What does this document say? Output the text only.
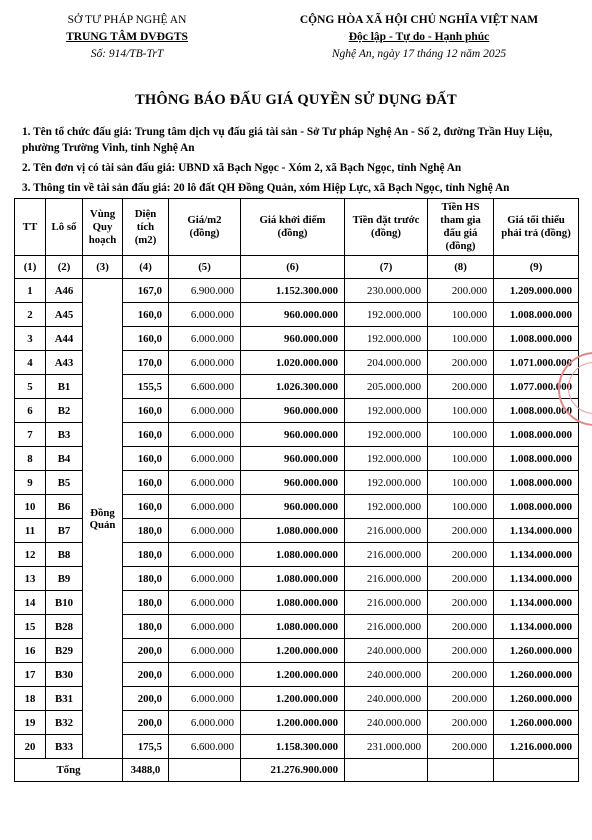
SỞ TƯ PHÁP NGHỆ AN
TRUNG TÂM DVĐGTS
Số: 914/TB-TrT
CỘNG HÒA XÃ HỘI CHỦ NGHĨA VIỆT NAM
Độc lập - Tự do - Hạnh phúc
Nghệ An, ngày 17 tháng 12 năm 2025
THÔNG BÁO ĐẤU GIÁ QUYỀN SỬ DỤNG ĐẤT
1. Tên tổ chức đấu giá: Trung tâm dịch vụ đấu giá tài sản - Sở Tư pháp Nghệ An - Số 2, đường Trần Huy Liệu, phường Trường Vinh, tỉnh Nghệ An
2. Tên đơn vị có tài sản đấu giá: UBND xã Bạch Ngọc - Xóm 2, xã Bạch Ngọc, tỉnh Nghệ An
3. Thông tin về tài sản đấu giá: 20 lô đất QH Đồng Quản, xóm Hiệp Lực, xã Bạch Ngọc, tỉnh Nghệ An
TT	Lô số	Vùng Quy hoạch	Diện tích (m2)	Giá/m2 (đồng)	Giá khởi điểm (đồng)	Tiền đặt trước (đồng)	Tiền HS tham gia đấu giá (đồng)	Giá tối thiểu phải trả (đồng)
(1)	(2)	(3)	(4)	(5)	(6)	(7)	(8)	(9)
1	A46	Đồng Quản	167,0	6.900.000	1.152.300.000	230.000.000	200.000	1.209.000.000
2	A45		160,0	6.000.000	960.000.000	192.000.000	100.000	1.008.000.000
3	A44		160,0	6.000.000	960.000.000	192.000.000	100.000	1.008.000.000
4	A43		170,0	6.000.000	1.020.000.000	204.000.000	200.000	1.071.000.000
5	B1		155,5	6.600.000	1.026.300.000	205.000.000	200.000	1.077.000.000
6	B2		160,0	6.000.000	960.000.000	192.000.000	100.000	1.008.000.000
7	B3		160,0	6.000.000	960.000.000	192.000.000	100.000	1.008.000.000
8	B4		160,0	6.000.000	960.000.000	192.000.000	100.000	1.008.000.000
9	B5		160,0	6.000.000	960.000.000	192.000.000	100.000	1.008.000.000
10	B6		160,0	6.000.000	960.000.000	192.000.000	100.000	1.008.000.000
11	B7		180,0	6.000.000	1.080.000.000	216.000.000	200.000	1.134.000.000
12	B8		180,0	6.000.000	1.080.000.000	216.000.000	200.000	1.134.000.000
13	B9		180,0	6.000.000	1.080.000.000	216.000.000	200.000	1.134.000.000
14	B10		180,0	6.000.000	1.080.000.000	216.000.000	200.000	1.134.000.000
15	B28		180,0	6.000.000	1.080.000.000	216.000.000	200.000	1.134.000.000
16	B29		200,0	6.000.000	1.200.000.000	240.000.000	200.000	1.260.000.000
17	B30		200,0	6.000.000	1.200.000.000	240.000.000	200.000	1.260.000.000
18	B31		200,0	6.000.000	1.200.000.000	240.000.000	200.000	1.260.000.000
19	B32		200,0	6.000.000	1.200.000.000	240.000.000	200.000	1.260.000.000
20	B33		175,5	6.600.000	1.158.300.000	231.000.000	200.000	1.216.000.000
Tổng			3488,0		21.276.900.000			
